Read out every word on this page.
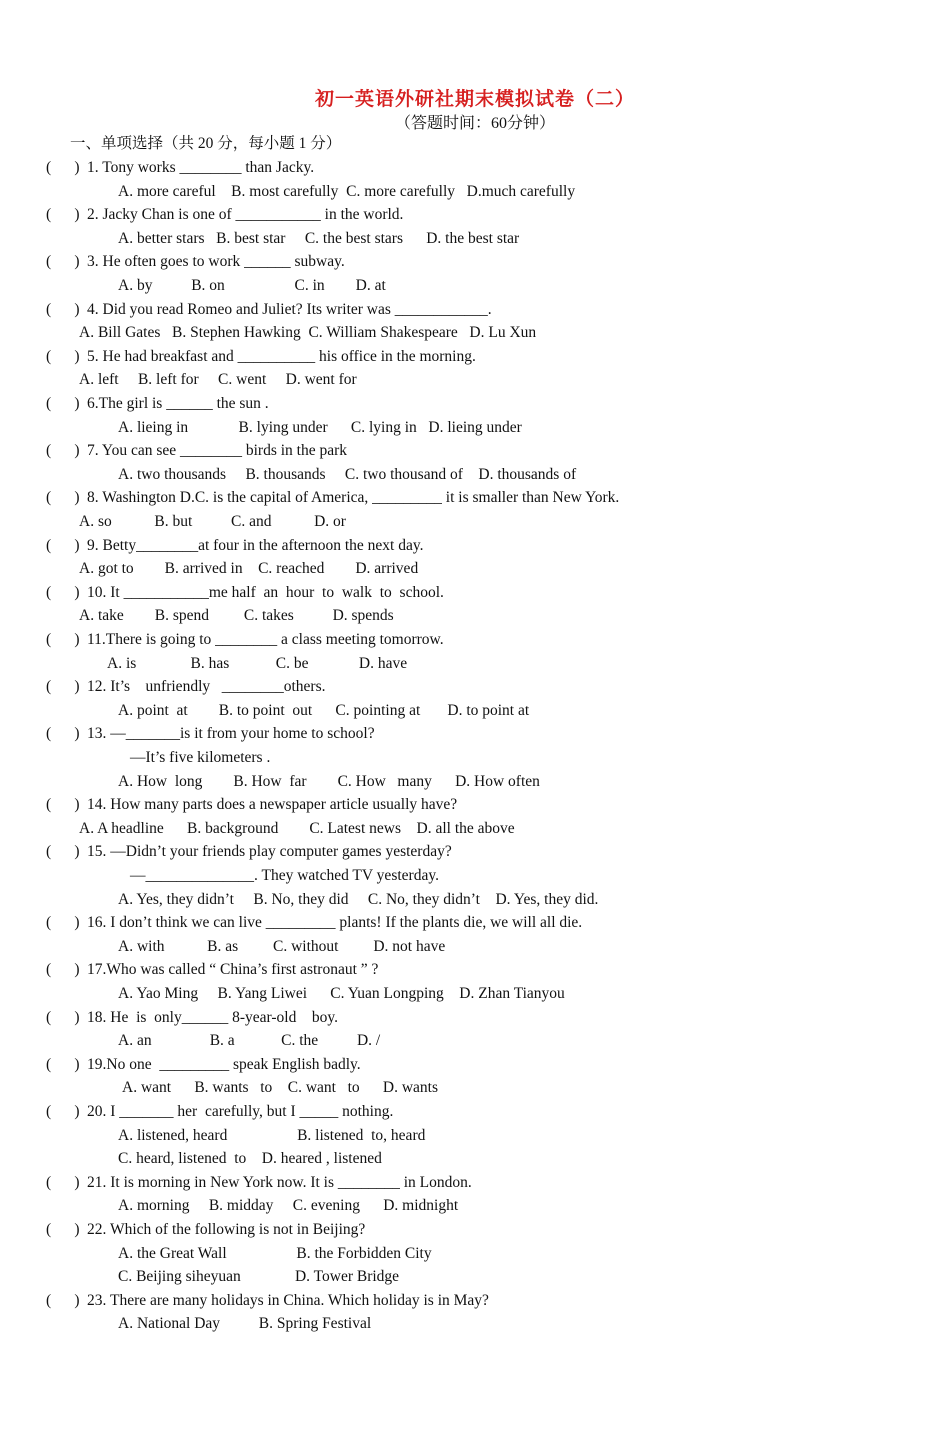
初一英语外研社期末模拟试卷（二）
（答题时间：60分钟）
一、单项选择（共 20 分，每小题 1 分）
(      ) 1. Tony works ________ than Jacky.
A. more careful    B. most carefully  C. more carefully   D.much carefully
(      ) 2. Jacky Chan is one of ___________ in the world.
A. better stars   B. best star     C. the best stars      D. the best star
(      ) 3. He often goes to work ______ subway.
A. by          B. on                  C. in        D. at
(      ) 4. Did you read Romeo and Juliet? Its writer was ____________.
A. Bill Gates   B. Stephen Hawking  C. William Shakespeare   D. Lu Xun
(      ) 5. He had breakfast and __________ his office in the morning.
A. left     B. left for     C. went     D. went for
(      ) 6.The girl is ______ the sun .
A. lieing in             B. lying under      C. lying in   D. lieing under
(      ) 7. You can see ________ birds in the park
A. two thousands     B. thousands     C. two thousand of    D. thousands of
(      ) 8. Washington D.C. is the capital of America, _________ it is smaller than New York.
A. so           B. but          C. and           D. or
(      ) 9. Betty________at four in the afternoon the next day.
A. got to        B. arrived in    C. reached        D. arrived
(      ) 10. It ___________me half  an  hour  to  walk  to  school.
A. take        B. spend         C. takes          D. spends
(      ) 11.There is going to ________ a class meeting tomorrow.
A. is              B. has            C. be             D. have
(      ) 12. It’s    unfriendly   ________others.
A. point  at        B. to point  out      C. pointing at       D. to point at
(      ) 13. —_______is it from your home to school?
—It’s five kilometers .
A. How  long        B. How  far        C. How   many      D. How often
(      ) 14. How many parts does a newspaper article usually have?
A. A headline      B. background        C. Latest news    D. all the above
(      ) 15. —Didn’t your friends play computer games yesterday?
—______________. They watched TV yesterday.
A. Yes, they didn’t     B. No, they did     C. No, they didn’t    D. Yes, they did.
(      ) 16. I don’t think we can live _________ plants! If the plants die, we will all die.
A. with           B. as         C. without         D. not have
(      ) 17.Who was called “ China’s first astronaut ” ?
A. Yao Ming     B. Yang Liwei      C. Yuan Longping    D. Zhan Tianyou
(      ) 18. He  is  only______ 8-year-old    boy.
A. an               B. a            C. the          D. /
(      ) 19.No one  _________ speak English badly.
A. want      B. wants   to    C. want   to      D. wants
(      ) 20. I _______ her  carefully, but I _____ nothing.
A. listened, heard                  B. listened  to, heard
C. heard, listened  to    D. heared , listened
(      ) 21. It is morning in New York now. It is ________ in London.
A. morning     B. midday     C. evening      D. midnight
(      ) 22. Which of the following is not in Beijing?
A. the Great Wall                  B. the Forbidden City
C. Beijing siheyuan              D. Tower Bridge
(      ) 23. There are many holidays in China. Which holiday is in May?
A. National Day          B. Spring Festival
